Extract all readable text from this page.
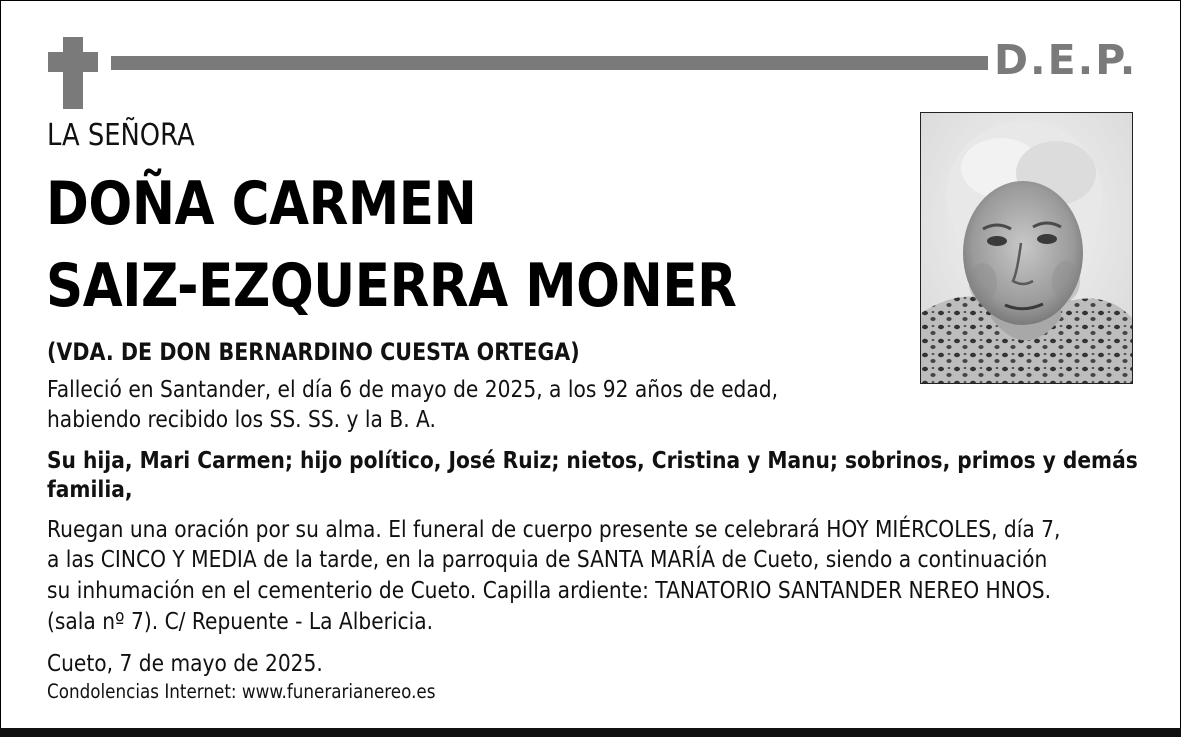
D.E.P.
LA SEÑORA
DOÑA CARMEN
SAIZ-EZQUERRA MONER
(VDA. DE DON BERNARDINO CUESTA ORTEGA)
Falleció en Santander, el día 6 de mayo de 2025, a los 92 años de edad,
habiendo recibido los SS. SS. y la B. A.
Su hija, Mari Carmen; hijo político, José Ruiz; nietos, Cristina y Manu; sobrinos, primos y demás
familia,
Ruegan una oración por su alma. El funeral de cuerpo presente se celebrará HOY MIÉRCOLES, día 7,
a las CINCO Y MEDIA de la tarde, en la parroquia de SANTA MARÍA de Cueto, siendo a continuación
su inhumación en el cementerio de Cueto. Capilla ardiente: TANATORIO SANTANDER NEREO HNOS.
(sala nº 7). C/ Repuente - La Albericia.
Cueto, 7 de mayo de 2025.
Condolencias Internet: www.funerarianereo.es
